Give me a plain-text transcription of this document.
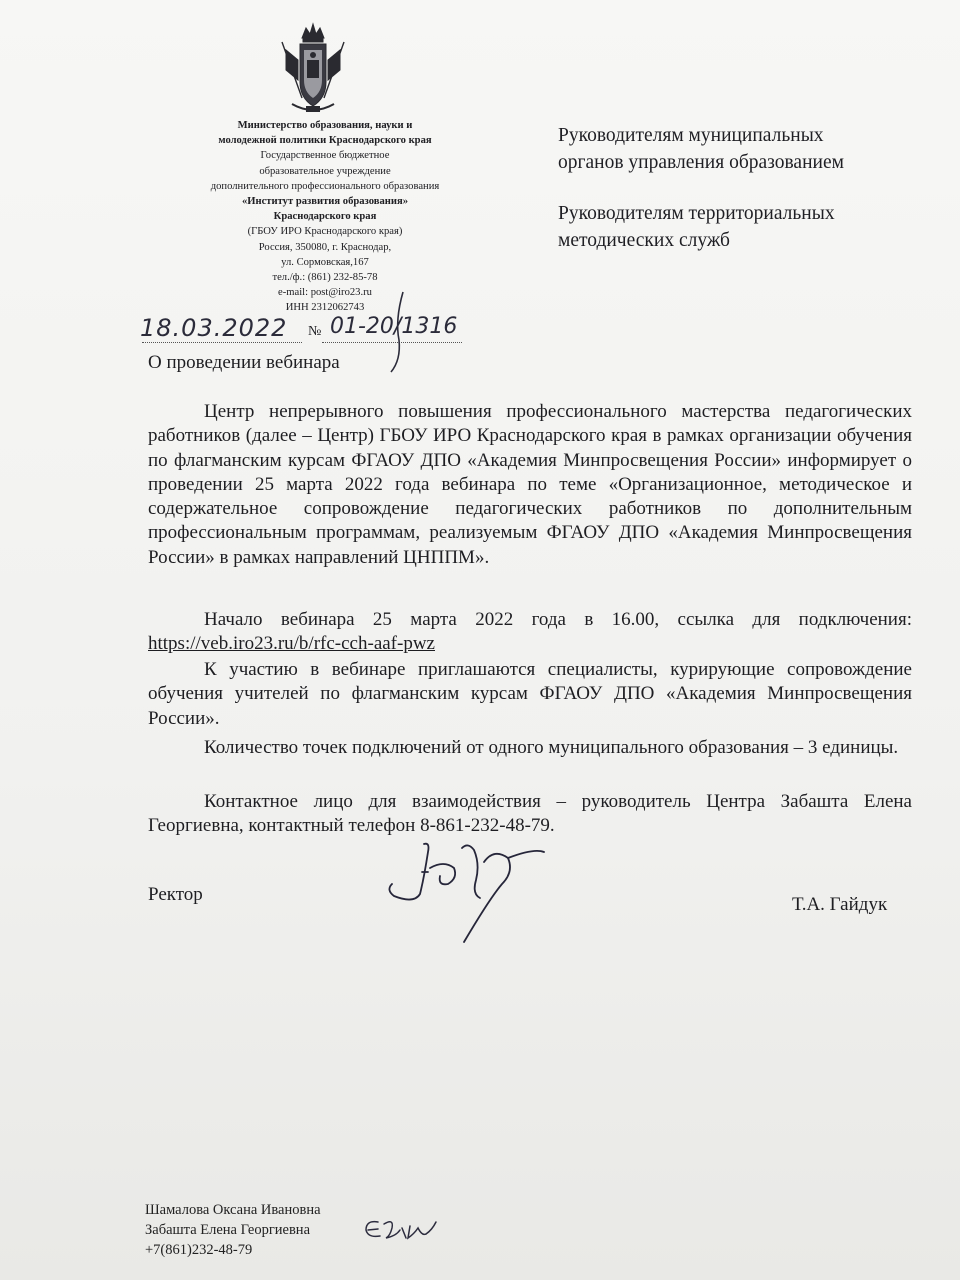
Министерство образования, науки и
молодежной политики Краснодарского края
Государственное бюджетное
образовательное учреждение
дополнительного профессионального образования
«Институт развития образования»
Краснодарского края
(ГБОУ ИРО Краснодарского края)
Россия, 350080, г. Краснодар,
ул. Сормовская,167
тел./ф.: (861) 232-85-78
e-mail: post@iro23.ru
ИНН 2312062743
Руководителям муниципальных
органов управления образованием
Руководителям территориальных
методических служб
18.03.2022 № 01-20/1316
О проведении вебинара

Центр непрерывного повышения профессионального мастерства педагогических работников (далее – Центр) ГБОУ ИРО Краснодарского края в рамках организации обучения по флагманским курсам ФГАОУ ДПО «Академия Минпросвещения России» информирует о проведении 25 марта 2022 года вебинара по теме «Организационное, методическое и содержательное сопровождение педагогических работников по дополнительным профессиональным программам, реализуемым ФГАОУ ДПО «Академия Минпросвещения России» в рамках направлений ЦНППМ».

Начало вебинара 25 марта 2022 года в 16.00, ссылка для подключения: https://veb.iro23.ru/b/rfc-cch-aaf-pwz

К участию в вебинаре приглашаются специалисты, курирующие сопровождение обучения учителей по флагманским курсам ФГАОУ ДПО «Академия Минпросвещения России».

Количество точек подключений от одного муниципального образования – 3 единицы.

Контактное лицо для взаимодействия – руководитель Центра Забашта Елена Георгиевна, контактный телефон 8-861-232-48-79.

Ректор	Т.А. Гайдук
Шамалова Оксана Ивановна
Забашта Елена Георгиевна
+7(861)232-48-79
